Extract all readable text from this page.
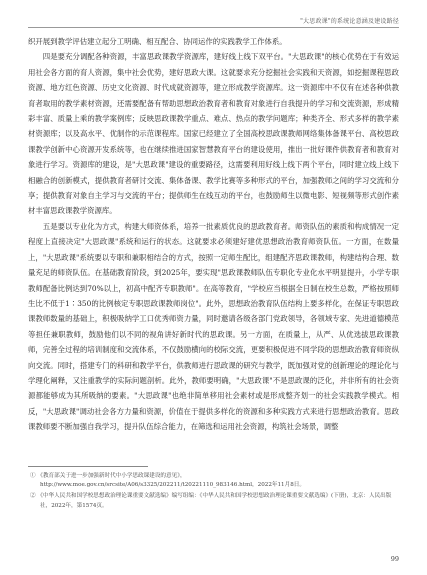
"大思政课"的系统论意涵及建设路径

织开展到教学评估建立起分工明确、相互配合、协同运作的实践教学工作体系。

四是要充分调配各种资源，丰富思政课教学资源库，建好线上线下双平台。"大思政课"的核心优势在于有效运用社会各方面的育人资源，集中社会优势，建好思政大课。这就要求充分挖掘社会实践和天资源，如挖掘课程思政资源、地方红色资源、历史文化资源、时代成就资源等，建立形成教学资源库。这一资源库中不仅有在述各种供教育者取用的教学素材资源，还需要配备有帮助思想政治教育者和教育对象进行自我提升的学习和交流资源，形成精彩丰富、质量上乘的教学案例库；反映思政课教学重点、难点、热点的教学问题库；种类齐全、形式多样的教学素材资源库；以及高水平、优制作的示范课程库。国家已经建立了全国高校思政课教师网络集体备课平台、高校思政课教学创新中心资源开发系统等，也在继续推进国家智慧教育平台的建设使用，推出一批好课件供教育者和教育对象进行学习。资源库的建设，是"大思政课"建设的重要路径，这需要利用好线上线下两个平台，同时建立线上线下相融合的创新模式，提供教育者研讨交流、集体备课、教学比赛等多种形式的平台，加强教师之间的学习交流和分享；提供教育对象自主学习与交流的平台；提供师生在线互动的平台，也鼓励师生以微电影、短视频等形式创作素材丰富思政课教学资源库。

五是要以专业化为方式，构建大师资体系，培养一批素质优良的思政教育者。师资队伍的素质和构成情况一定程度上直接决定"大思政课"系统和运行的状态。这就要求必须建好建优思想政治教育师资队伍。一方面，在数量上，"大思政课"系统要以专职和兼职相结合的方式，按照一定师生配比，组建配齐思政课教师，构建结构合理、数量充足的师资队伍。在基础教育阶段，到2025年，要实现"思政课教师队伍专职化专业化水平明显提升，小学专职教师配备比例达到70%以上，初高中配齐专职教师"。在高等教育，"学校应当根据全日制在校生总数，严格按照师生比不低于1∶350的比例核定专职思政课教师岗位"。此外，思想政治教育队伍结构上要多样化，在保证专职思政课教师数量的基础上，积极吸纳学工口优秀师资力量，同时邀请各级各部门党政领导，各领域专家、先进道德模范等担任兼职教师，鼓励他们以不同的视角讲好新时代的思政课。另一方面，在质量上，从严、从优选拔思政课教师，完善全过程的培训制度和交流体系，不仅鼓励横向的校际交流，更要积极促进不同学段的思想政治教育师资纵向交流。同时，搭建专门的科研和教学平台，供教师进行思政课的研究与教学，既加强对党的创新理论的理论化与学理化阐释，又注重教学的实际问题剖析。此外，教师要明确，"大思政课"不是思政课的泛化，并非所有的社会资源都能够成为其所吸纳的要素。"大思政课"也绝非简单移用社会素材或是形成整齐划一的社会实践教学模式。相反，"大思政课"调动社会各方力量和资源，价值在于提供多样化的资源和多种实践方式来进行思想政治教育。思政课教师要不断加强自我学习，提升队伍综合能力，在筛选和运用社会资源，构筑社会场景，调整

① 《教育部关于进一步加强新时代中小学思政课建设的意见》，http://www.moe.gov.cn/srcsite/A06/s3325/202211/t20221110_983146.html，2022年11月8日。

② 《中华人民共和国学校思想政治理论课重要文献选编》编写组编：《中华人民共和国学校思想政治理论课重要文献选编》(下册)，北京：人民出版社，2022年，第1574页。

99
